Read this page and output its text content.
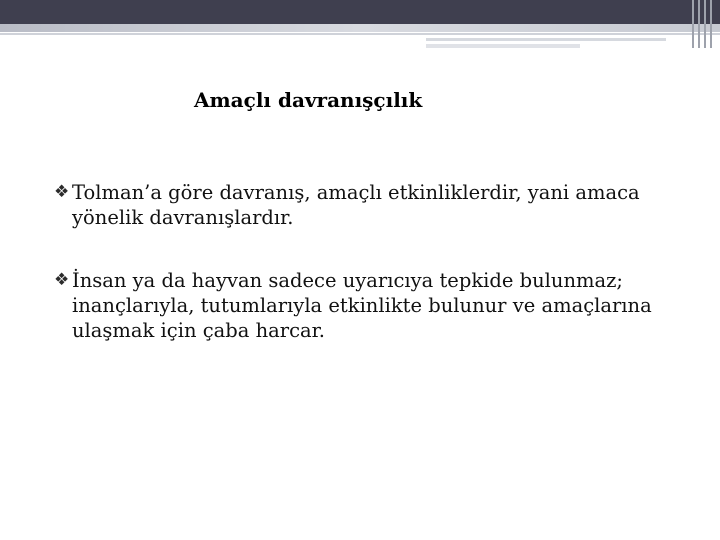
Amaçlı davranışçılık
❖ Tolman’a göre davranış, amaçlı etkinliklerdir, yani amaca yönelik davranışlardır.
❖ İnsan ya da hayvan sadece uyarıcıya tepkide bulunmaz; inançlarıyla, tutumlarıyla etkinlikte bulunur ve amaçlarına ulaşmak için çaba harcar.
